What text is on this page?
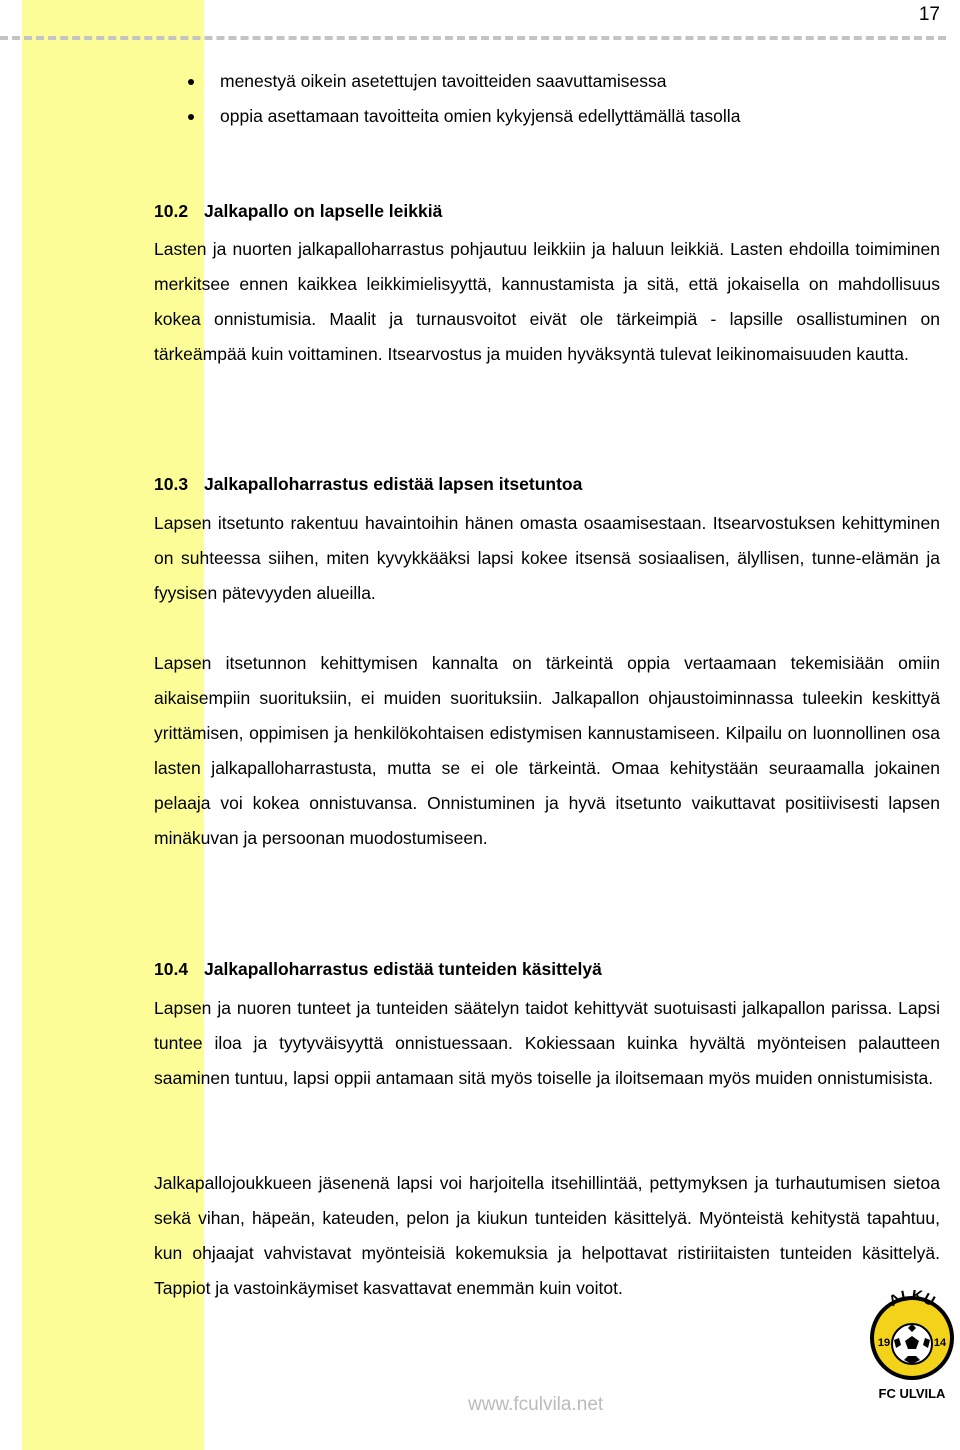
17
menestyä oikein asetettujen tavoitteiden saavuttamisessa
oppia asettamaan tavoitteita omien kykyjensä edellyttämällä tasolla
10.2 Jalkapallo on lapselle leikkiä

Lasten ja nuorten jalkapalloharrastus pohjautuu leikkiin ja haluun leikkiä. Lasten ehdoilla toimiminen merkitsee ennen kaikkea leikkimielisyyttä, kannustamista ja sitä, että jokaisella on mahdollisuus kokea onnistumisia. Maalit ja turnausvoitot eivät ole tärkeimpiä - lapsille osallistuminen on tärkeämpää kuin voittaminen. Itsearvostus ja muiden hyväksyntä tulevat leikinomaisuuden kautta.

10.3 Jalkapalloharrastus edistää lapsen itsetuntoa

Lapsen itsetunto rakentuu havaintoihin hänen omasta osaamisestaan. Itsearvostuksen kehittyminen on suhteessa siihen, miten kyvykkääksi lapsi kokee itsensä sosiaalisen, älyllisen, tunne-elämän ja fyysisen pätevyyden alueilla.

Lapsen itsetunnon kehittymisen kannalta on tärkeintä oppia vertaamaan tekemisiään omiin aikaisempiin suorituksiin, ei muiden suorituksiin. Jalkapallon ohjaustoiminnassa tuleekin keskittyä yrittämisen, oppimisen ja henkilökohtaisen edistymisen kannustamiseen. Kilpailu on luonnollinen osa lasten jalkapalloharrastusta, mutta se ei ole tärkeintä. Omaa kehitystään seuraamalla jokainen pelaaja voi kokea onnistuvansa. Onnistuminen ja hyvä itsetunto vaikuttavat positiivisesti lapsen minäkuvan ja persoonan muodostumiseen.

10.4 Jalkapalloharrastus edistää tunteiden käsittelyä

Lapsen ja nuoren tunteet ja tunteiden säätelyn taidot kehittyvät suotuisasti jalkapallon parissa. Lapsi tuntee iloa ja tyytyväisyyttä onnistuessaan. Kokiessaan kuinka hyvältä myönteisen palautteen saaminen tuntuu, lapsi oppii antamaan sitä myös toiselle ja iloitsemaan myös muiden onnistumisista.

Jalkapallojoukkueen jäsenenä lapsi voi harjoitella itsehillintää, pettymyksen ja turhautumisen sietoa sekä vihan, häpeän, kateuden, pelon ja kiukun tunteiden käsittelyä. Myönteistä kehitystä tapahtuu, kun ohjaajat vahvistavat myönteisiä kokemuksia ja helpottavat ristiriitaisten tunteiden käsittelyä. Tappiot ja vastoinkäymiset kasvattavat enemmän kuin voitot.

ALKU
19	14
FC ULVILA
www.fculvila.net
